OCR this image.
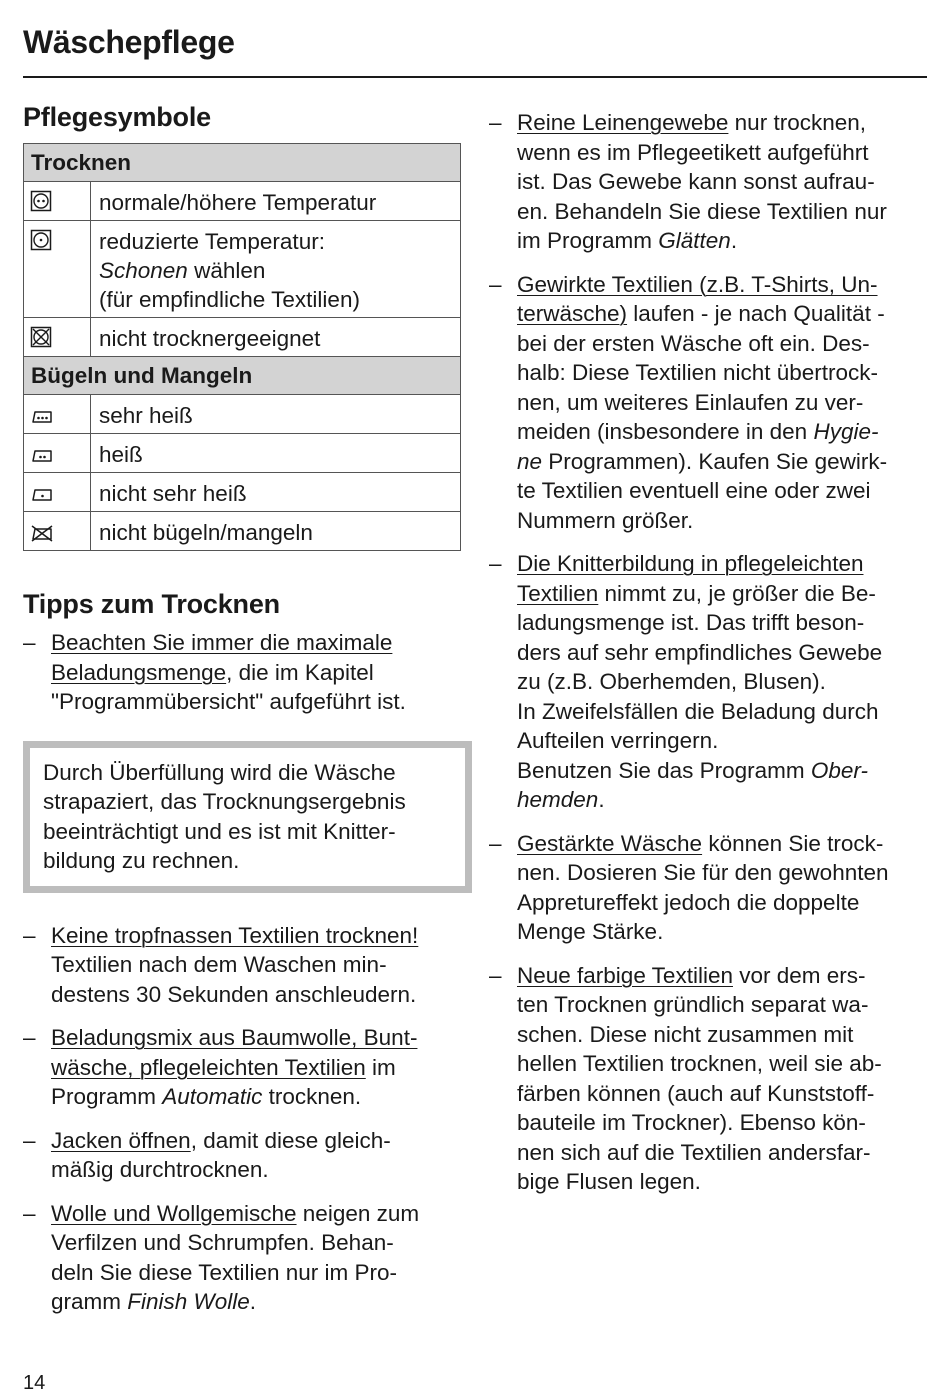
Wäschepflege
Pflegesymbole
Trocknen	

	normale/höhere Temperatur

	reduzierte Temperatur:
Schonen wählen
(für empfindliche Textilien)

	nicht trocknergeeignet
Bügeln und Mangeln	

	sehr heiß

	heiß

	nicht sehr heiß

	nicht bügeln/mangeln
Tipps zum Trocknen
– Beachten Sie immer die maximale
Beladungsmenge, die im Kapitel
"Programmübersicht" aufgeführt ist.
Durch Überfüllung wird die Wäsche
strapaziert, das Trocknungsergebnis
beeinträchtigt und es ist mit Knitter-
bildung zu rechnen.
– Keine tropfnassen Textilien trocknen!
Textilien nach dem Waschen min-
destens 30 Sekunden anschleudern.
– Beladungsmix aus Baumwolle, Bunt-
wäsche, pflegeleichten Textilien im
Programm Automatic trocknen.
– Jacken öffnen, damit diese gleich-
mäßig durchtrocknen.
– Wolle und Wollgemische neigen zum
Verfilzen und Schrumpfen. Behan-
deln Sie diese Textilien nur im Pro-
gramm Finish Wolle.
– Reine Leinengewebe nur trocknen,
wenn es im Pflegeetikett aufgeführt
ist. Das Gewebe kann sonst aufrau-
en. Behandeln Sie diese Textilien nur
im Programm Glätten.
– Gewirkte Textilien (z.B. T-Shirts, Un-
terwäsche) laufen - je nach Qualität -
bei der ersten Wäsche oft ein. Des-
halb: Diese Textilien nicht übertrock-
nen, um weiteres Einlaufen zu ver-
meiden (insbesondere in den Hygie-
ne Programmen). Kaufen Sie gewirk-
te Textilien eventuell eine oder zwei
Nummern größer.
– Die Knitterbildung in pflegeleichten
Textilien nimmt zu, je größer die Be-
ladungsmenge ist. Das trifft beson-
ders auf sehr empfindliches Gewebe
zu (z.B. Oberhemden, Blusen).
In Zweifelsfällen die Beladung durch
Aufteilen verringern.
Benutzen Sie das Programm Ober-
hemden.
– Gestärkte Wäsche können Sie trock-
nen. Dosieren Sie für den gewohnten
Appretureffekt jedoch die doppelte
Menge Stärke.
– Neue farbige Textilien vor dem ers-
ten Trocknen gründlich separat wa-
schen. Diese nicht zusammen mit
hellen Textilien trocknen, weil sie ab-
färben können (auch auf Kunststoff-
bauteile im Trockner). Ebenso kön-
nen sich auf die Textilien andersfar-
bige Flusen legen.
14
